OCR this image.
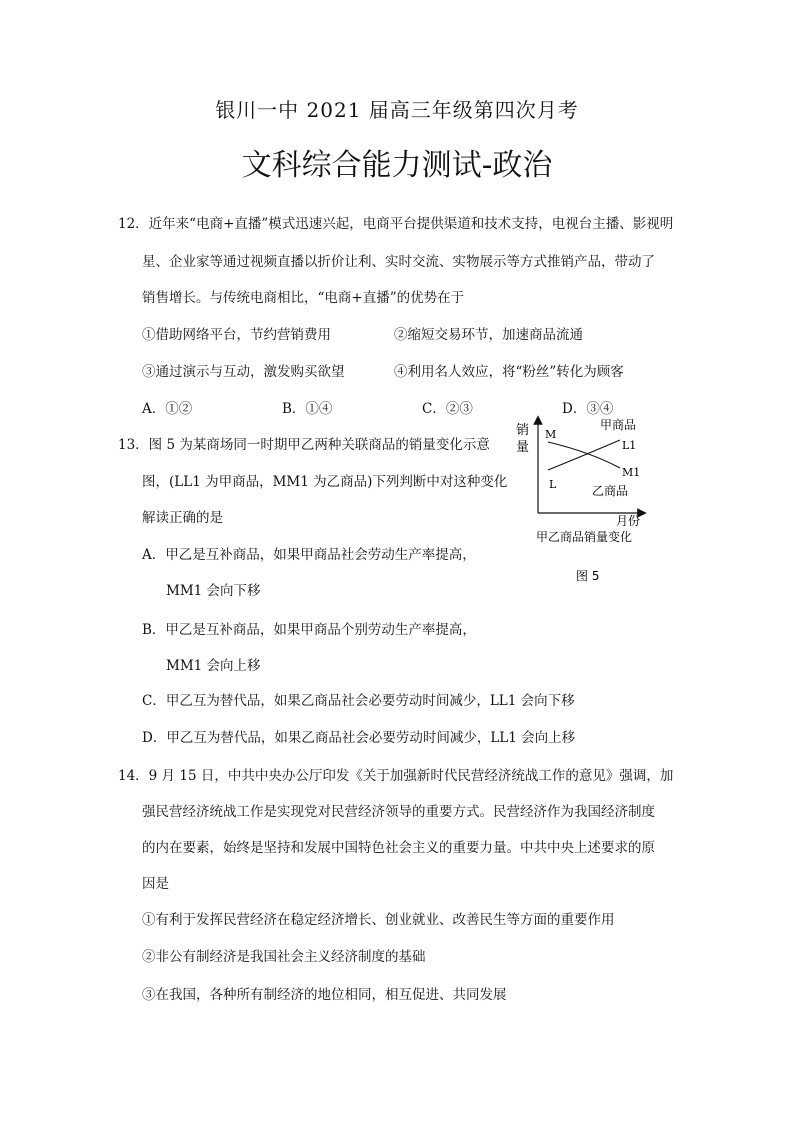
银川一中 2021 届高三年级第四次月考
文科综合能力测试-政治
12．近年来“电商+直播”模式迅速兴起，电商平台提供渠道和技术支持，电视台主播、影视明
星、企业家等通过视频直播以折价让利、实时交流、实物展示等方式推销产品，带动了
销售增长。与传统电商相比，“电商+直播”的优势在于
①借助网络平台，节约营销费用	②缩短交易环节，加速商品流通
③通过演示与互动，激发购买欲望	④利用名人效应，将“粉丝”转化为顾客
A．①②	B．①④	C．②③	D．③④
13．图 5 为某商场同一时期甲乙两种关联商品的销量变化示意
图，(LL1 为甲商品，MM1 为乙商品)下列判断中对这种变化
解读正确的是
A．甲乙是互补商品，如果甲商品社会劳动生产率提高，
MM1 会向下移
B．甲乙是互补商品，如果甲商品个别劳动生产率提高，
MM1 会向上移
C．甲乙互为替代品，如果乙商品社会必要劳动时间减少，LL1 会向下移
D．甲乙互为替代品，如果乙商品社会必要劳动时间减少，LL1 会向上移
销
量
M
L
L1
M1
甲商品
乙商品
月份
甲乙商品销量变化
图 5
14．9 月 15 日，中共中央办公厅印发《关于加强新时代民营经济统战工作的意见》强调，加
强民营经济统战工作是实现党对民营经济领导的重要方式。民营经济作为我国经济制度
的内在要素，始终是坚持和发展中国特色社会主义的重要力量。中共中央上述要求的原
因是
①有利于发挥民营经济在稳定经济增长、创业就业、改善民生等方面的重要作用
②非公有制经济是我国社会主义经济制度的基础
③在我国，各种所有制经济的地位相同，相互促进、共同发展
